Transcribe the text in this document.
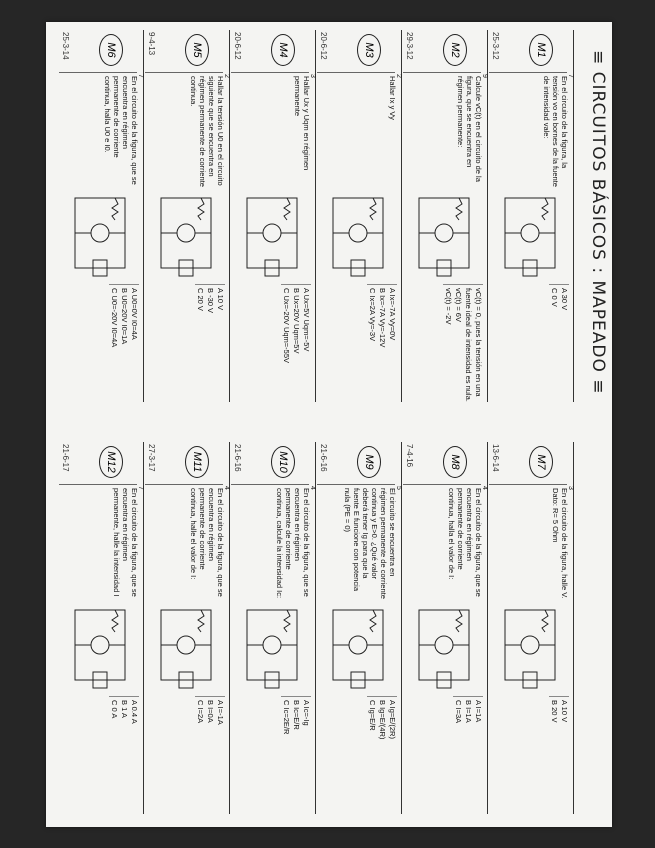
≡ CIRCUITOS BÁSICOS : MAPEADO ≡
M1
25-3-12
7
En el circuito de la figura, la tensión vo en bornes de la fuente de intensidad vale:
A 30 V
C 0 V
M2
29-3-12
9
Calcule vC(t) en el circuito de la figura, que se encuentra en régimen permanente:
vC(t) = 0, pues la tensión en una fuente ideal de intensidad es nula.
vC(t) = 6V
vC(t) = -2V
M3
20-6-12
2
Hallar Ix y Vy
A Ix=-7A Vy=0V
B Ix=-7A Vy=-12V
C Ix=2A Vy=-3V
M4
20-6-12
3
Hallar Ux y Uqm en régimen permanente
A Ux=5V Uqm=-5V
B Ux=20V Uqm=5V
C Ux=-20V Uqm=-55V
M5
9-4-13
2
Hallar la tensión U0 en el circuito siguiente que se encuentra en régimen permanente de corriente continua.
A 10 V
B -30 V
C 20 V
M6
25-3-14
7
En el circuito de la figura, que se encuentra en régimen permanente de corriente continua, halla U0 e I0.
A U0=0V I0=4A
B U0=20V I0=1A
C U0=-20V I0=4A
M7
13-6-14
3
En el circuito de la figura, halle V. Dato: R= 5 Ohm
A 10 V
B 20 V
M8
7-4-16
4
En el circuito de la figura, que se encuentra en régimen permanente de corriente continua, halla el valor de I:
A I=1A
B I=1A
C I=3A
M9
21-6-16
5
El circuito se encuentra en régimen permanente de corriente continua y E>0. ¿Qué valor deberá tener Ig para que la fuente E funcione con potencia nula (PE = 0)
A Ig=E/(2R)
B Ig=E/(4R)
C Ig=E/R
M10
21-6-16
4
En el circuito de la figura, que se encuentra en régimen permanente de corriente continua, calcule la intensidad Ic:
A Ic=-Ig
B Ic=E/R
C Ic=2E/R
M11
27-3-17
4
En el circuito de la figura, que se encuentra en régimen permanente de corriente continua, halle el valor de I:
A I=-1A
B I=0A
C I=2A
M12
21-6-17
7
En el circuito de la figura, que se encuentra en régimen permanente, halle la intensidad I
A 0.4 A
B 1 A
C 0 A
